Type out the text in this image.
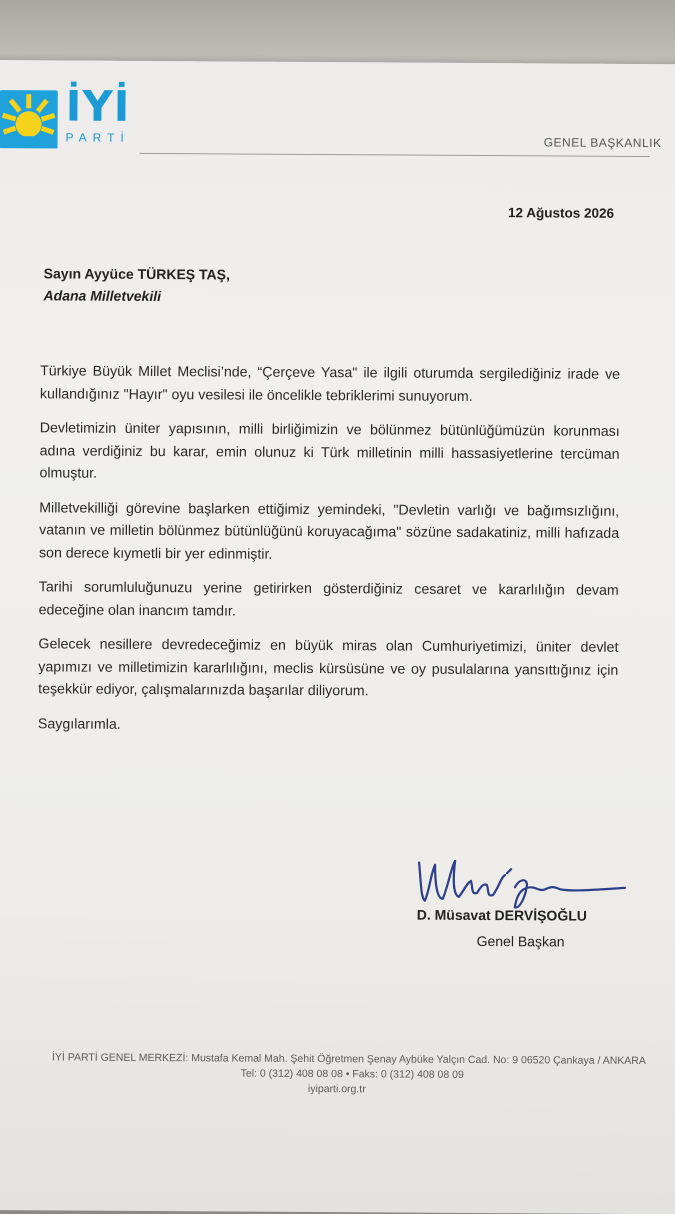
İYİ
PARTİ	GENEL BAŞKANLIK
12 Ağustos 2026
Sayın Ayyüce TÜRKEŞ TAŞ,
Adana Milletvekili

Türkiye Büyük Millet Meclisi’nde, “Çerçeve Yasa" ile ilgili oturumda sergilediğiniz irade ve kullandığınız "Hayır" oyu vesilesi ile öncelikle tebriklerimi sunuyorum.

Devletimizin üniter yapısının, milli birliğimizin ve bölünmez bütünlüğümüzün korunması adına verdiğiniz bu karar, emin olunuz ki Türk milletinin milli hassasiyetlerine tercüman olmuştur.

Milletvekilliği görevine başlarken ettiğimiz yemindeki, "Devletin varlığı ve bağımsızlığını, vatanın ve milletin bölünmez bütünlüğünü koruyacağıma" sözüne sadakatiniz, milli hafızada son derece kıymetli bir yer edinmiştir.

Tarihi sorumluluğunuzu yerine getirirken gösterdiğiniz cesaret ve kararlılığın devam edeceğine olan inancım tamdır.

Gelecek nesillere devredeceğimiz en büyük miras olan Cumhuriyetimizi, üniter devlet yapımızı ve milletimizin kararlılığını, meclis kürsüsüne ve oy pusulalarına yansıttığınız için teşekkür ediyor, çalışmalarınızda başarılar diliyorum.

Saygılarımla.

D. Müsavat DERVİŞOĞLU
Genel Başkan
İYİ PARTİ GENEL MERKEZİ: Mustafa Kemal Mah. Şehit Öğretmen Şenay Aybüke Yalçın Cad. No: 9 06520 Çankaya / ANKARA
Tel: 0 (312) 408 08 08 • Faks: 0 (312) 408 08 09
iyiparti.org.tr
